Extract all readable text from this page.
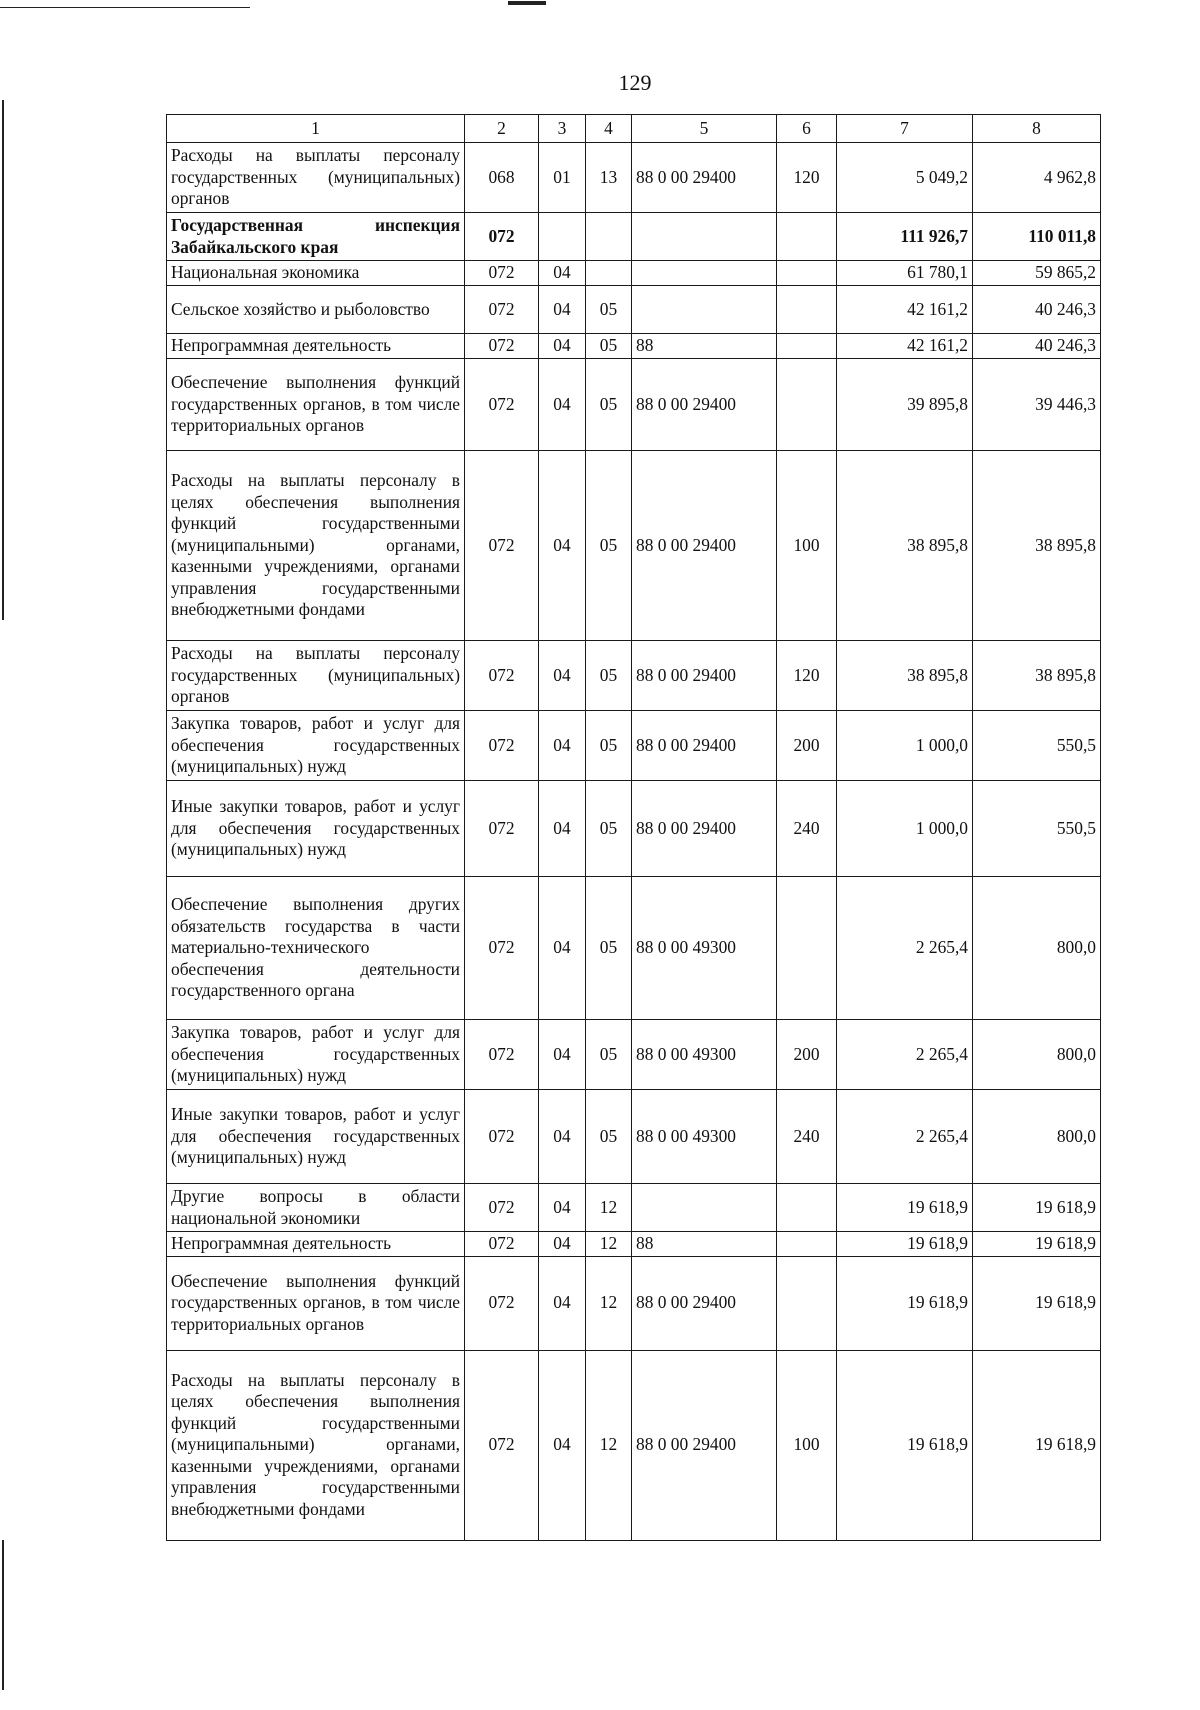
129
1	2	3	4	5	6	7	8
Расходы на выплаты персоналу государственных (муниципальных) органов	068	01	13	88 0 00 29400	120	5 049,2	4 962,8
Государственная инспекция Забайкальского края	072					111 926,7	110 011,8
Национальная экономика	072	04				61 780,1	59 865,2
Сельское хозяйство и рыболовство	072	04	05			42 161,2	40 246,3
Непрограммная деятельность	072	04	05	88		42 161,2	40 246,3
Обеспечение выполнения функций государственных органов, в том числе территориальных органов	072	04	05	88 0 00 29400		39 895,8	39 446,3
Расходы на выплаты персоналу в целях обеспечения выполнения функций государственными (муниципальными) органами, казенными учреждениями, органами управления государственными внебюджетными фондами	072	04	05	88 0 00 29400	100	38 895,8	38 895,8
Расходы на выплаты персоналу государственных (муниципальных) органов	072	04	05	88 0 00 29400	120	38 895,8	38 895,8
Закупка товаров, работ и услуг для обеспечения государственных (муниципальных) нужд	072	04	05	88 0 00 29400	200	1 000,0	550,5
Иные закупки товаров, работ и услуг для обеспечения государственных (муниципальных) нужд	072	04	05	88 0 00 29400	240	1 000,0	550,5
Обеспечение выполнения других обязательств государства в части материально-технического обеспечения деятельности государственного органа	072	04	05	88 0 00 49300		2 265,4	800,0
Закупка товаров, работ и услуг для обеспечения государственных (муниципальных) нужд	072	04	05	88 0 00 49300	200	2 265,4	800,0
Иные закупки товаров, работ и услуг для обеспечения государственных (муниципальных) нужд	072	04	05	88 0 00 49300	240	2 265,4	800,0
Другие вопросы в области национальной экономики	072	04	12			19 618,9	19 618,9
Непрограммная деятельность	072	04	12	88		19 618,9	19 618,9
Обеспечение выполнения функций государственных органов, в том числе территориальных органов	072	04	12	88 0 00 29400		19 618,9	19 618,9
Расходы на выплаты персоналу в целях обеспечения выполнения функций государственными (муниципальными) органами, казенными учреждениями, органами управления государственными внебюджетными фондами	072	04	12	88 0 00 29400	100	19 618,9	19 618,9
